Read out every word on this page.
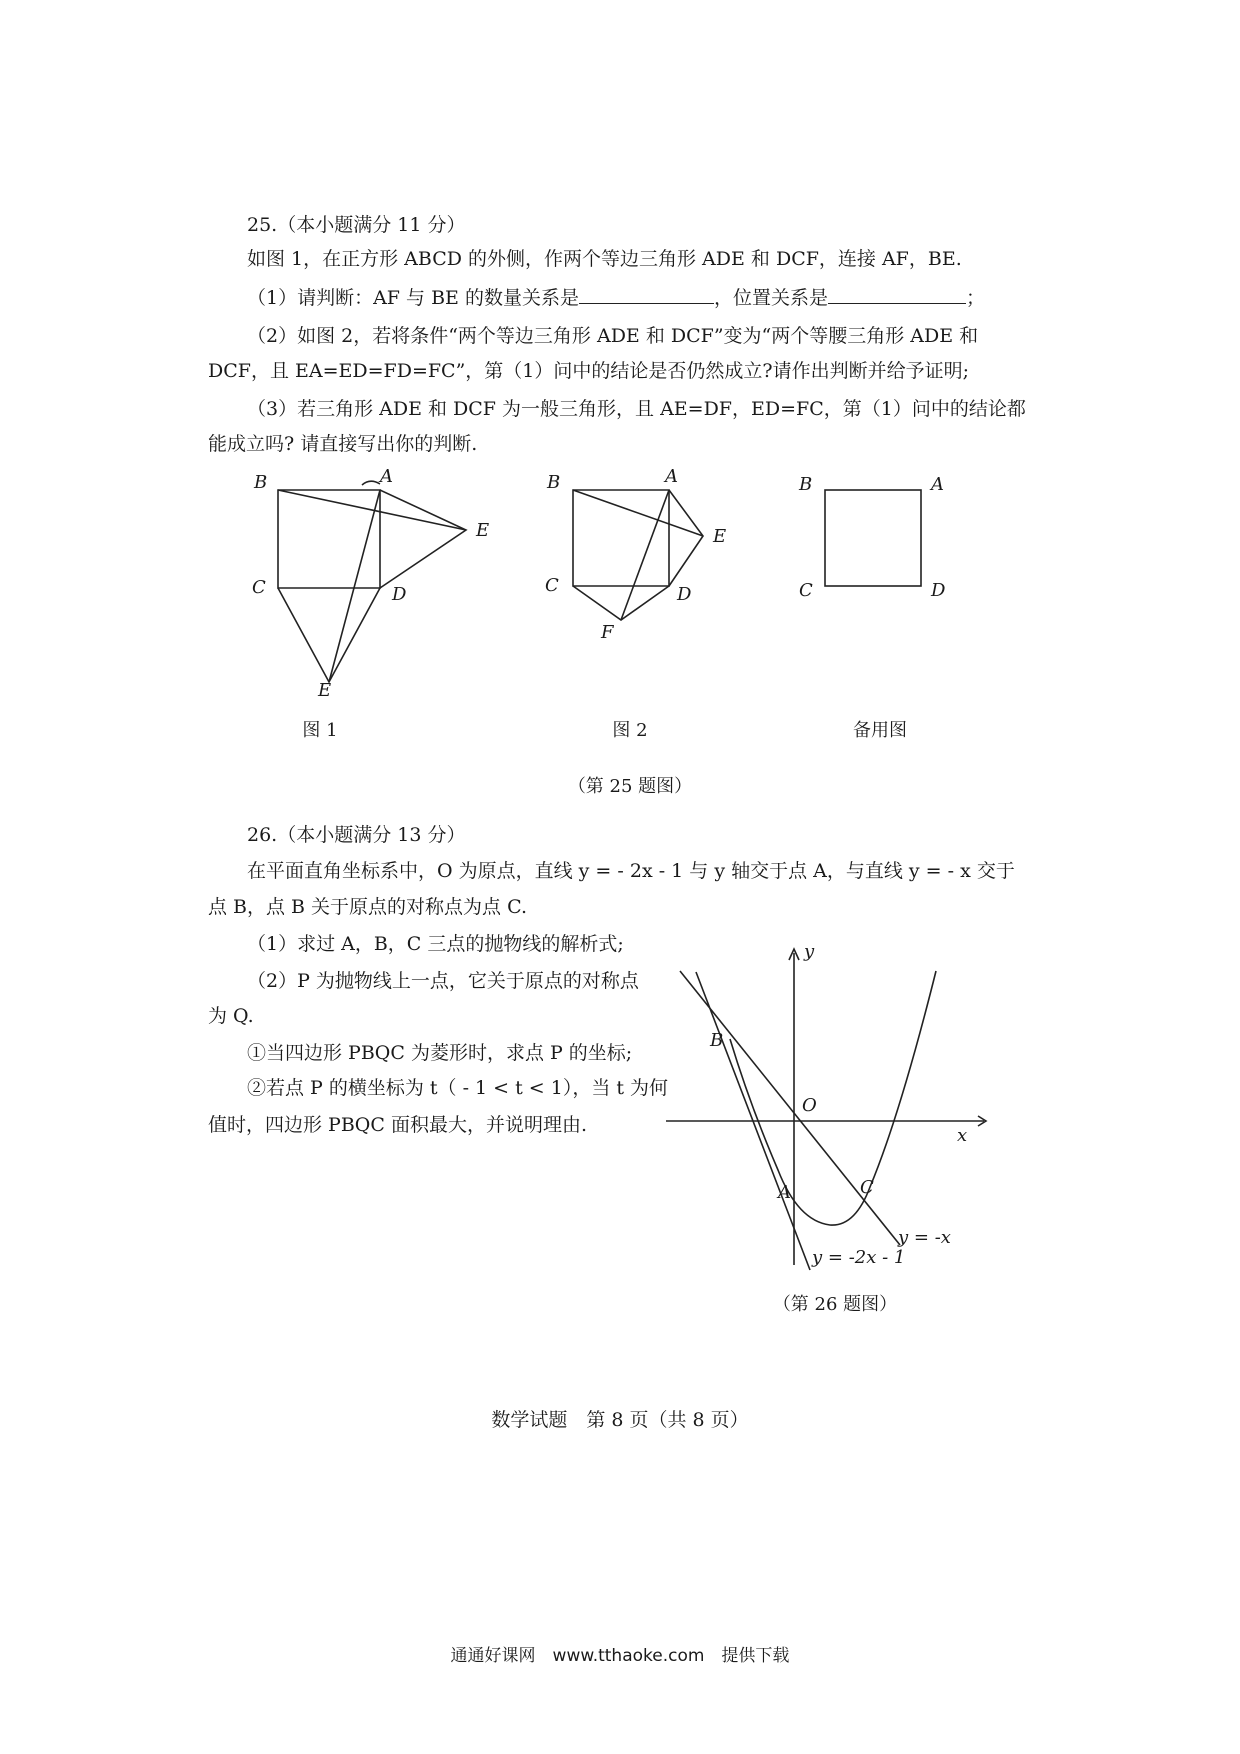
25.（本小题满分 11 分）
如图 1，在正方形 ABCD 的外侧，作两个等边三角形 ADE 和 DCF，连接 AF，BE.
（1）请判断：AF 与 BE 的数量关系是	，位置关系是	；
（2）如图 2，若将条件“两个等边三角形 ADE 和 DCF”变为“两个等腰三角形 ADE 和
DCF，且 EA=ED=FD=FC”，第（1）问中的结论是否仍然成立?请作出判断并给予证明;
（3）若三角形 ADE 和 DCF 为一般三角形，且 AE=DF，ED=FC，第（1）问中的结论都
能成立吗? 请直接写出你的判断.
B	A
E
C	D
E
图 1
B	A
E
C	D
F
图 2
B	A
C	D
备用图
（第 25 题图）
26.（本小题满分 13 分）
在平面直角坐标系中，O 为原点，直线 y = - 2x - 1 与 y 轴交于点 A，与直线 y = - x 交于
点 B，点 B 关于原点的对称点为点 C.
（1）求过 A，B，C 三点的抛物线的解析式;
（2）P 为抛物线上一点，它关于原点的对称点
为 Q.
①当四边形 PBQC 为菱形时，求点 P 的坐标;
②若点 P 的横坐标为 t（ - 1 < t < 1），当 t 为何
值时，四边形 PBQC 面积最大，并说明理由.
y
x
O
B
A	C
y = -2x - 1
y = -x
（第 26 题图）
数学试题　第 8 页（共 8 页）
通通好课网　www.tthaoke.com　提供下载
